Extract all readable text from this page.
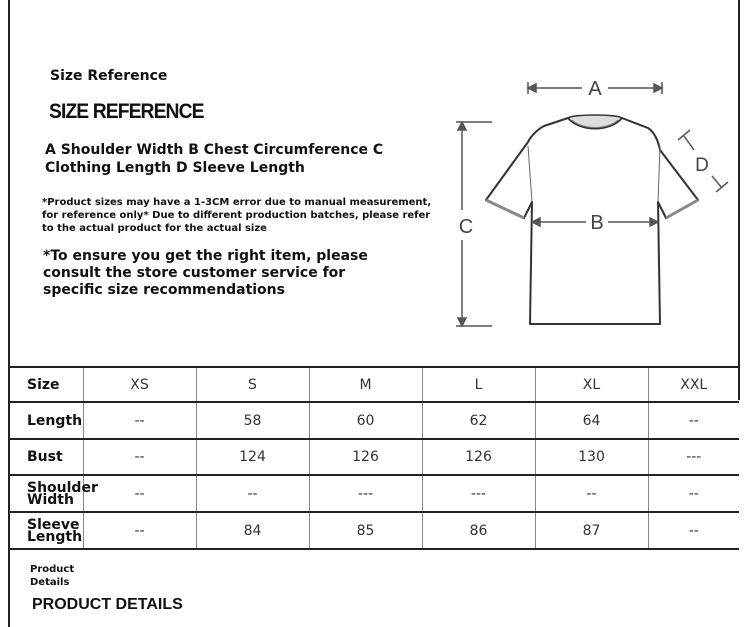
Size Reference
SIZE REFERENCE
A Shoulder Width B Chest Circumference C Clothing Length D Sleeve Length
*Product sizes may have a 1-3CM error due to manual measurement, for reference only* Due to different production batches, please refer to the actual product for the actual size
*To ensure you get the right item, please consult the store customer service for specific size recommendations
A
C	B
D
Size	XS	S	M	L	XL	XXL
Length	--	58	60	62	64	--
Bust	--	124	126	126	130	---
Shoulder Width	--	--	---	---	--	--
Sleeve Length	--	84	85	86	87	--
Product Details
PRODUCT DETAILS
